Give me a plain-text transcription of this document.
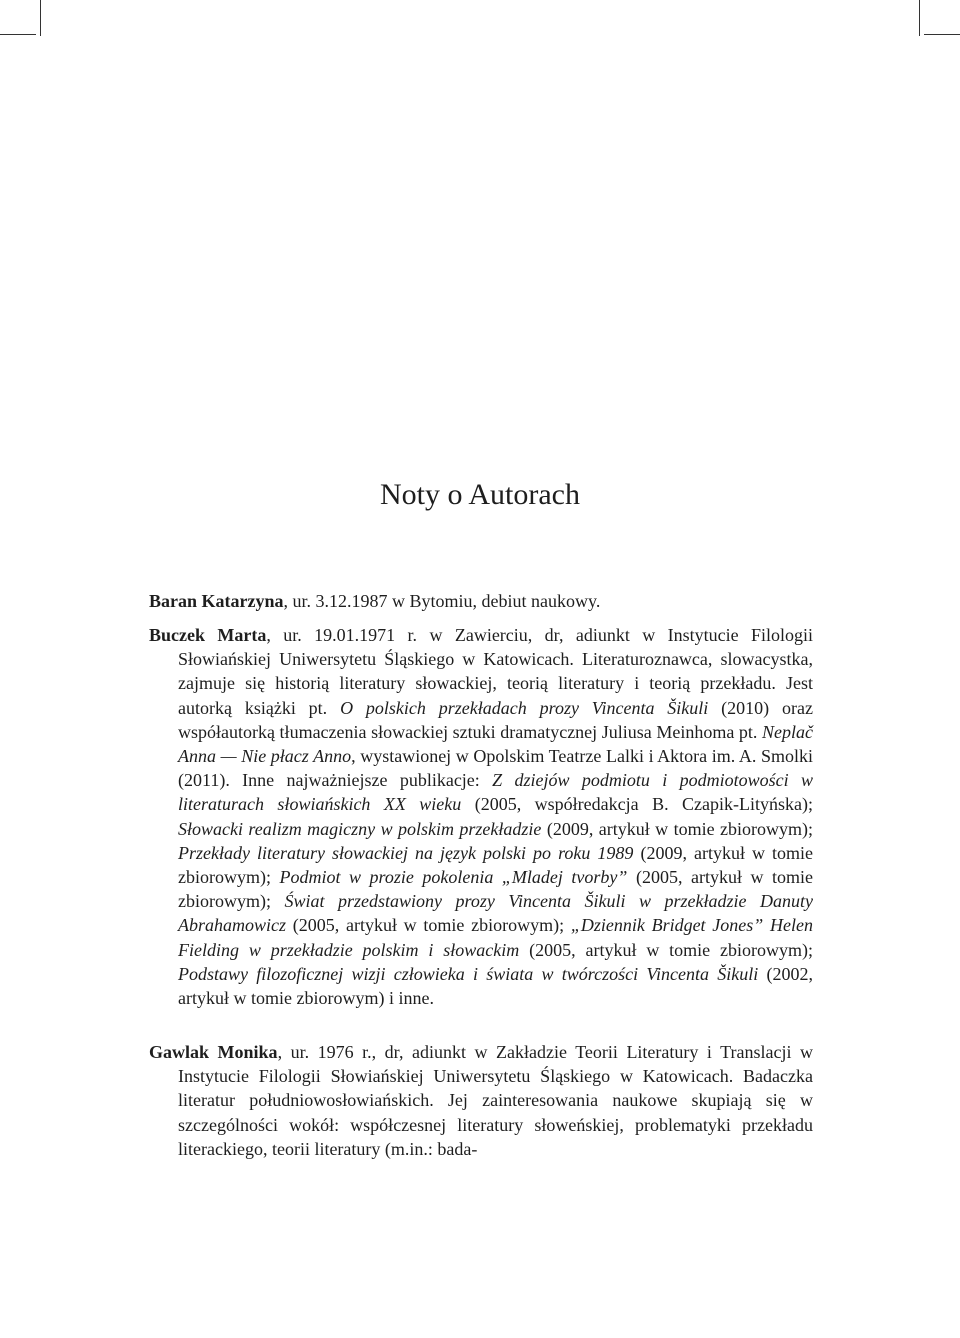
Noty o Autorach

Baran Katarzyna, ur. 3.12.1987 w Bytomiu, debiut naukowy.

Buczek Marta, ur. 19.01.1971 r. w Zawierciu, dr, adiunkt w Instytucie Filologii Słowiańskiej Uniwersytetu Śląskiego w Katowicach. Literaturoznawca, slowacystka, zajmuje się historią literatury słowackiej, teorią literatury i teorią przekładu. Jest autorką książki pt. O polskich przekładach prozy Vincenta Šikuli (2010) oraz współautorką tłumaczenia słowackiej sztuki dramatycznej Juliusa Meinhoma pt. Neplač Anna — Nie płacz Anno, wystawionej w Opolskim Teatrze Lalki i Aktora im. A. Smolki (2011). Inne najważniejsze publikacje: Z dziejów podmiotu i podmiotowości w literaturach słowiańskich XX wieku (2005, współredakcja B. Czapik-Lityńska); Słowacki realizm magiczny w polskim przekładzie (2009, artykuł w tomie zbiorowym); Przekłady literatury słowackiej na język polski po roku 1989 (2009, artykuł w tomie zbiorowym); Podmiot w prozie pokolenia „Mladej tvorby” (2005, artykuł w tomie zbiorowym); Świat przedstawiony prozy Vincenta Šikuli w przekładzie Danuty Abrahamowicz (2005, artykuł w tomie zbiorowym); „Dziennik Bridget Jones” Helen Fielding w przekładzie polskim i słowackim (2005, artykuł w tomie zbiorowym); Podstawy filozoficznej wizji człowieka i świata w twórczości Vincenta Šikuli (2002, artykuł w tomie zbiorowym) i inne.

Gawlak Monika, ur. 1976 r., dr, adiunkt w Zakładzie Teorii Literatury i Translacji w Instytucie Filologii Słowiańskiej Uniwersytetu Śląskiego w Katowicach. Badaczka literatur południowosłowiańskich. Jej zainteresowania naukowe skupiają się w szczególności wokół: współczesnej literatury słoweńskiej, problematyki przekładu literackiego, teorii literatury (m.in.: bada-
